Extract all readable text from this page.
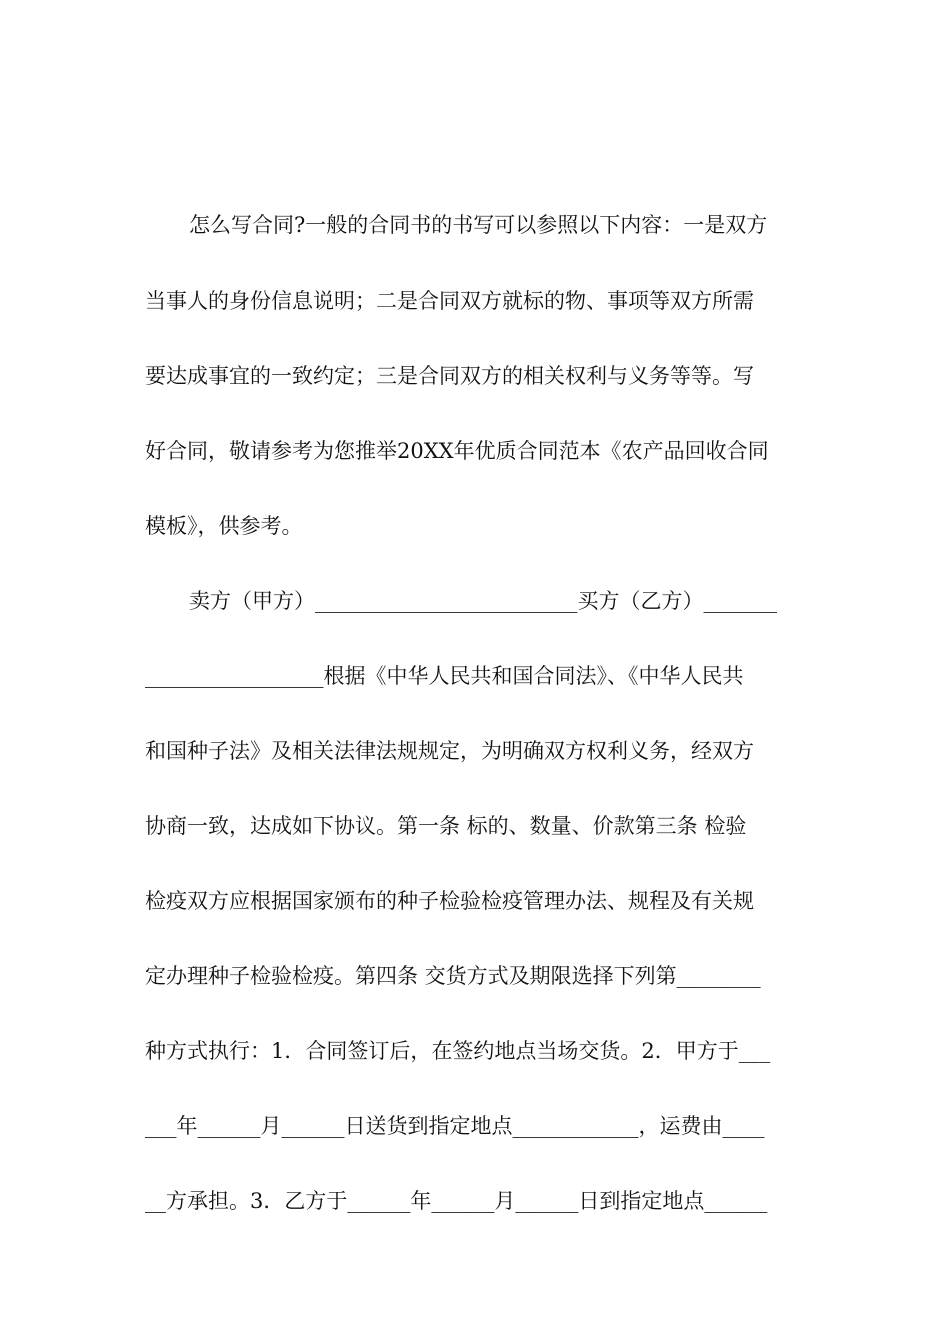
怎么写合同?一般的合同书的书写可以参照以下内容：一是双方
当事人的身份信息说明；二是合同双方就标的物、事项等双方所需
要达成事宜的一致约定；三是合同双方的相关权利与义务等等。写
好合同，敬请参考为您推举20XX年优质合同范本《农产品回收合同
模板》，供参考。
卖方（甲方）_________________________买方（乙方）_______
_________________根据《中华人民共和国合同法》、《中华人民共
和国种子法》及相关法律法规规定，为明确双方权利义务，经双方
协商一致，达成如下协议。第一条 标的、数量、价款第三条 检验
检疫双方应根据国家颁布的种子检验检疫管理办法、规程及有关规
定办理种子检验检疫。第四条 交货方式及期限选择下列第________
种方式执行：1．合同签订后，在签约地点当场交货。2．甲方于___
___年______月______日送货到指定地点____________，运费由____
__方承担。3．乙方于______年______月______日到指定地点______
